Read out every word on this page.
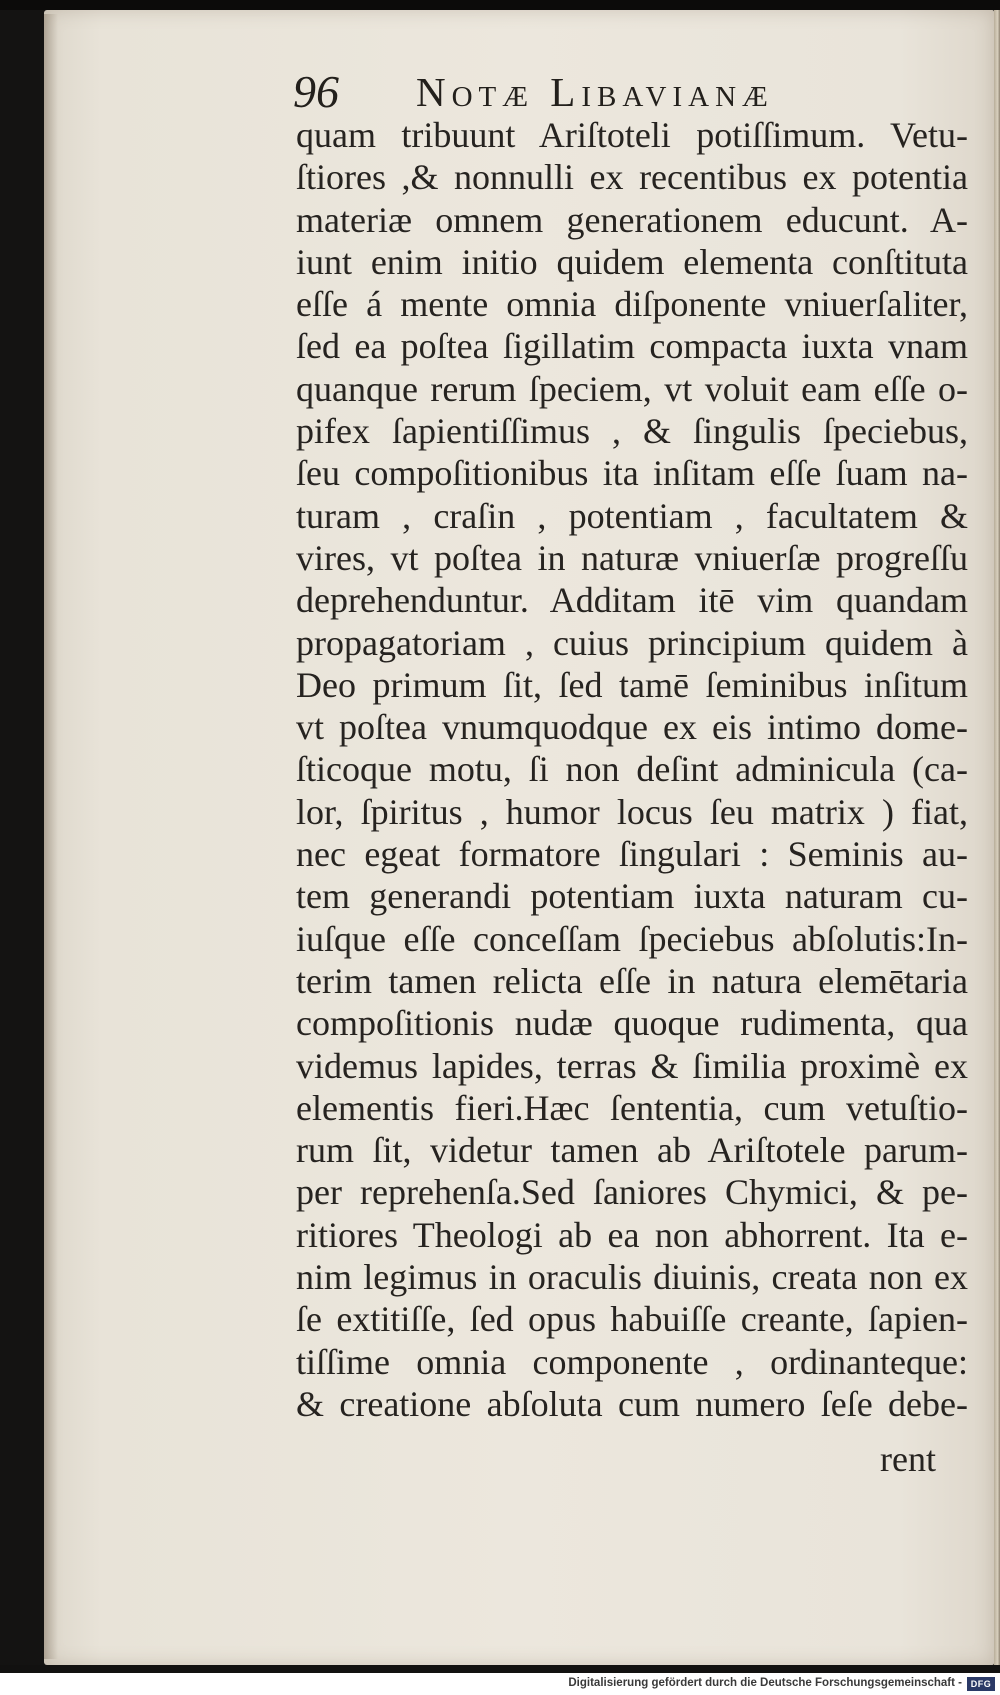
96 Notæ Libavianæ
quam tribuunt Ariſtoteli potiſſimum. Vetu-
ſtiores ,& nonnulli ex recentibus ex potentia
materiæ omnem generationem educunt. A-
iunt enim initio quidem elementa conſtituta
eſſe á mente omnia diſponente vniuerſaliter,
ſed ea poſtea ſigillatim compacta iuxta vnam
quanque rerum ſpeciem, vt voluit eam eſſe o-
pifex ſapientiſſimus , & ſingulis ſpeciebus,
ſeu compoſitionibus ita inſitam eſſe ſuam na-
turam , craſin , potentiam , facultatem &
vires, vt poſtea in naturæ vniuerſæ progreſſu
deprehenduntur. Additam itē vim quandam
propagatoriam , cuius principium quidem à
Deo primum ſit, ſed tamē ſeminibus inſitum
vt poſtea vnumquodque ex eis intimo dome-
ſticoque motu, ſi non deſint adminicula (ca-
lor, ſpiritus , humor locus ſeu matrix ) fiat,
nec egeat formatore ſingulari : Seminis au-
tem generandi potentiam iuxta naturam cu-
iuſque eſſe conceſſam ſpeciebus abſolutis:In-
terim tamen relicta eſſe in natura elemētaria
compoſitionis nudæ quoque rudimenta, qua
videmus lapides, terras & ſimilia proximè ex
elementis fieri.Hæc ſententia, cum vetuſtio-
rum ſit, videtur tamen ab Ariſtotele parum-
per reprehenſa.Sed ſaniores Chymici, & pe-
ritiores Theologi ab ea non abhorrent. Ita e-
nim legimus in oraculis diuinis, creata non ex
ſe extitiſſe, ſed opus habuiſſe creante, ſapien-
tiſſime omnia componente , ordinanteque:
& creatione abſoluta cum numero ſeſe debe-
rent
Digitalisierung gefördert durch die Deutsche Forschungsgemeinschaft - DFG
